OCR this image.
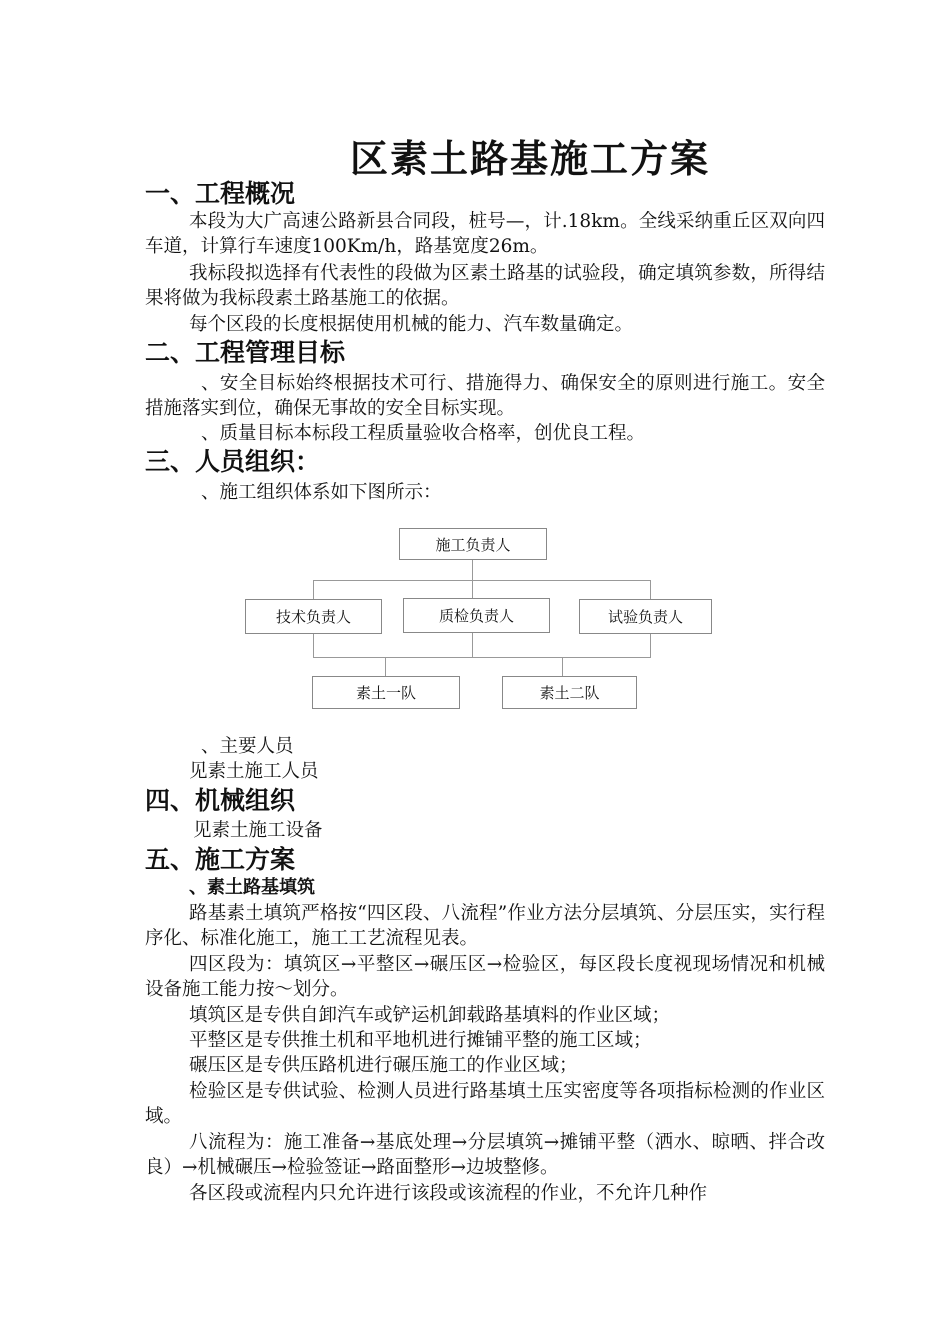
区素土路基施工方案
一、工程概况
本段为大广高速公路新县合同段，桩号—，计.18km。全线采纳重丘区双向四车道，计算行车速度100Km/h，路基宽度26m。
我标段拟选择有代表性的段做为区素土路基的试验段，确定填筑参数，所得结果将做为我标段素土路基施工的依据。
每个区段的长度根据使用机械的能力、汽车数量确定。
二、工程管理目标
、安全目标始终根据技术可行、措施得力、确保安全的原则进行施工。安全措施落实到位，确保无事故的安全目标实现。
、质量目标本标段工程质量验收合格率，创优良工程。
三、人员组织：
、施工组织体系如下图所示：
施工负责人
技术负责人	质检负责人	试验负责人
素土一队	素土二队
、主要人员
见素土施工人员
四、机械组织
见素土施工设备
五、施工方案
、素土路基填筑
路基素土填筑严格按“四区段、八流程”作业方法分层填筑、分层压实，实行程序化、标准化施工，施工工艺流程见表。
四区段为：填筑区→平整区→碾压区→检验区，每区段长度视现场情况和机械设备施工能力按～划分。
填筑区是专供自卸汽车或铲运机卸载路基填料的作业区域；
平整区是专供推土机和平地机进行摊铺平整的施工区域；
碾压区是专供压路机进行碾压施工的作业区域；
检验区是专供试验、检测人员进行路基填土压实密度等各项指标检测的作业区域。
八流程为：施工准备→基底处理→分层填筑→摊铺平整（洒水、晾晒、拌合改良）→机械碾压→检验签证→路面整形→边坡整修。
各区段或流程内只允许进行该段或该流程的作业，不允许几种作
